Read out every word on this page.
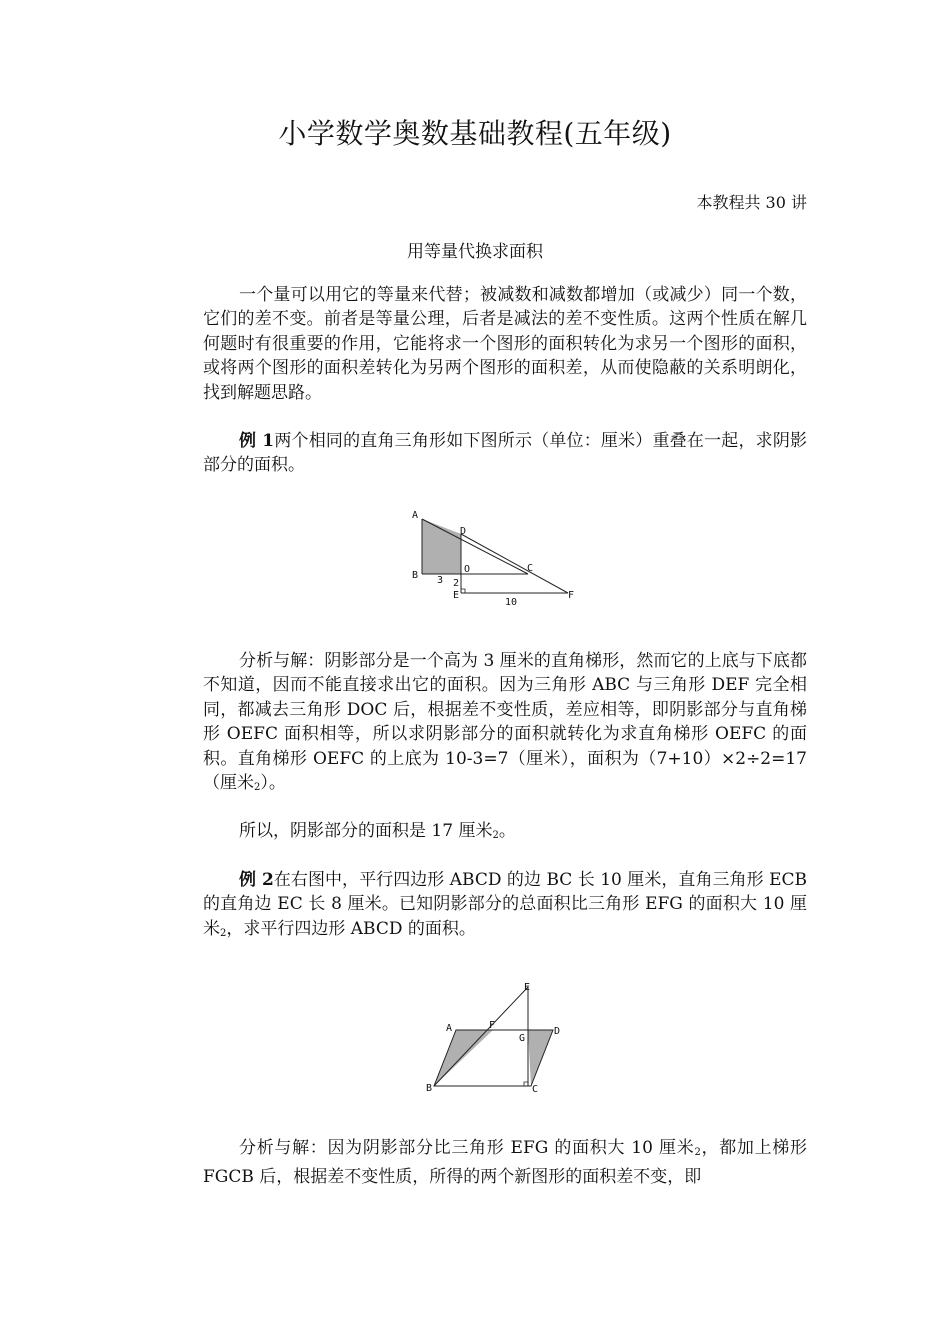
小学数学奥数基础教程(五年级)
本教程共 30 讲
用等量代换求面积

一个量可以用它的等量来代替；被减数和减数都增加（或减少）同一个数，它们的差不变。前者是等量公理，后者是减法的差不变性质。这两个性质在解几何题时有很重要的作用，它能将求一个图形的面积转化为求另一个图形的面积，或将两个图形的面积差转化为另两个图形的面积差，从而使隐蔽的关系明朗化，找到解题思路。

例 1两个相同的直角三角形如下图所示（单位：厘米）重叠在一起，求阴影部分的面积。

A
D
B
O	C
E	F
3 2
10

分析与解：阴影部分是一个高为 3 厘米的直角梯形，然而它的上底与下底都不知道，因而不能直接求出它的面积。因为三角形 ABC 与三角形 DEF 完全相同，都减去三角形 DOC 后，根据差不变性质，差应相等，即阴影部分与直角梯形 OEFC 面积相等，所以求阴影部分的面积就转化为求直角梯形 OEFC 的面积。直角梯形 OEFC 的上底为 10-3=7（厘米），面积为（7+10）×2÷2=17（厘米$_2$）。

所以，阴影部分的面积是 17 厘米$_2$。

例 2在右图中，平行四边形 ABCD 的边 BC 长 10 厘米，直角三角形 ECB 的直角边 EC 长 8 厘米。已知阴影部分的总面积比三角形 EFG 的面积大 10 厘米$_2$，求平行四边形 ABCD 的面积。

E
A	F
D
G
B	C

分析与解：因为阴影部分比三角形 EFG 的面积大 10 厘米$_2$，都加上梯形 FGCB 后，根据差不变性质，所得的两个新图形的面积差不变，即
